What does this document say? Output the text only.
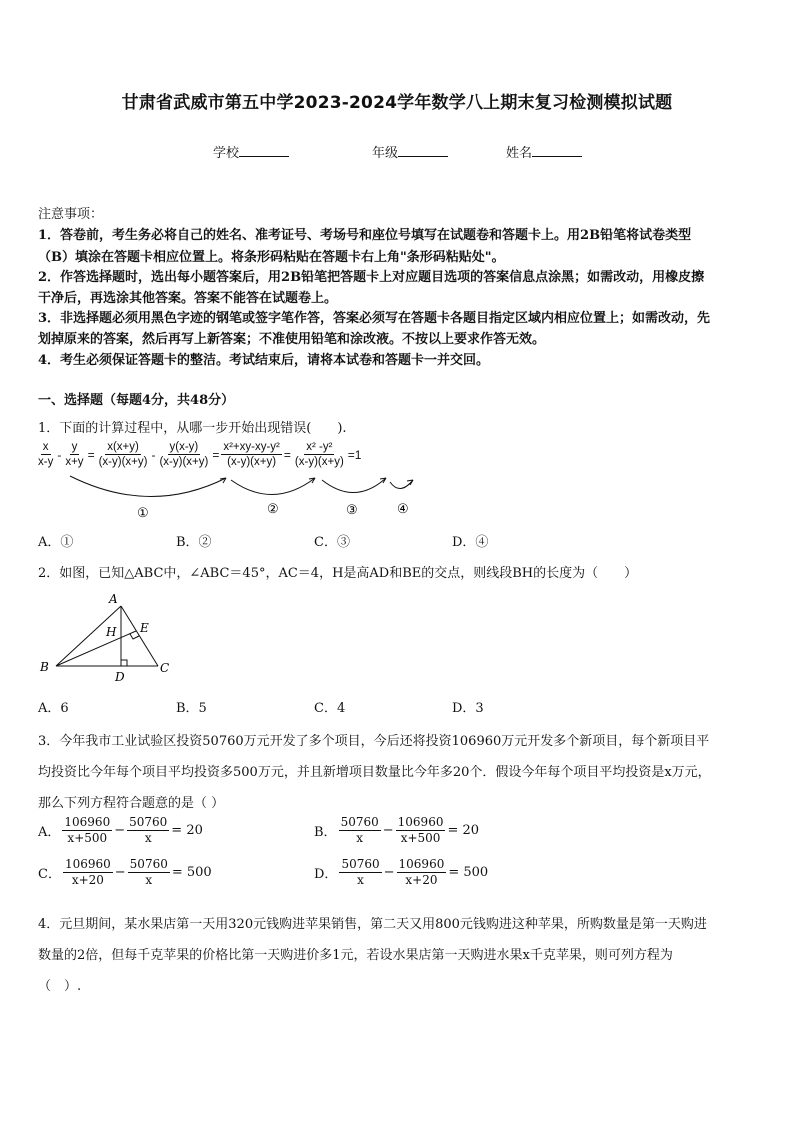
甘肃省武威市第五中学2023-2024学年数学八上期末复习检测模拟试题
学校	年级	姓名
注意事项：
1．答卷前，考生务必将自己的姓名、准考证号、考场号和座位号填写在试题卷和答题卡上。用2B铅笔将试卷类型
（B）填涂在答题卡相应位置上。将条形码粘贴在答题卡右上角"条形码粘贴处"。
2．作答选择题时，选出每小题答案后，用2B铅笔把答题卡上对应题目选项的答案信息点涂黑；如需改动，用橡皮擦
干净后，再选涂其他答案。答案不能答在试题卷上。
3．非选择题必须用黑色字迹的钢笔或签字笔作答，答案必须写在答题卡各题目指定区域内相应位置上；如需改动，先
划掉原来的答案，然后再写上新答案；不准使用铅笔和涂改液。不按以上要求作答无效。
4．考生必须保证答题卡的整洁。考试结束后，请将本试卷和答题卡一并交回。
一、选择题（每题4分，共48分）
1．下面的计算过程中，从哪一步开始出现错误(　　).
$\frac{x}{x-y} - \frac{y}{x+y} = \frac{x(x+y)}{(x-y)(x+y)} - \frac{y(x-y)}{(x-y)(x+y)} = \frac{\text{x²+xy-xy-y²}}{(x-y)(x+y)} = \frac{\text{x² -y²}}{(x-y)(x+y)} =1$
①	②	③	④
A．①	B．②	C．③	D．④
2．如图，已知△ABC中，∠ABC＝45°，AC＝4，H是高AD和BE的交点，则线段BH的长度为（　　）
A
B	C
D
E
H
A．6	B．5	C．4	D．3
3．今年我市工业试验区投资50760万元开发了多个项目，今后还将投资106960万元开发多个新项目，每个新项目平
均投资比今年每个项目平均投资多500万元，并且新增项目数量比今年多20个．假设今年每个项目平均投资是x万元，
那么下列方程符合题意的是（ ）
A． $\frac{106960}{x+500} - \frac{50760}{x} = 20$	B． $\frac{50760}{x} - \frac{106960}{x+500} = 20$
C． $\frac{106960}{x+20} - \frac{50760}{x} = 500$	D． $\frac{50760}{x} - \frac{106960}{x+20} = 500$
4．元旦期间，某水果店第一天用320元钱购进苹果销售，第二天又用800元钱购进这种苹果，所购数量是第一天购进
数量的2倍，但每千克苹果的价格比第一天购进价多1元，若设水果店第一天购进水果x千克苹果，则可列方程为
（　）.
